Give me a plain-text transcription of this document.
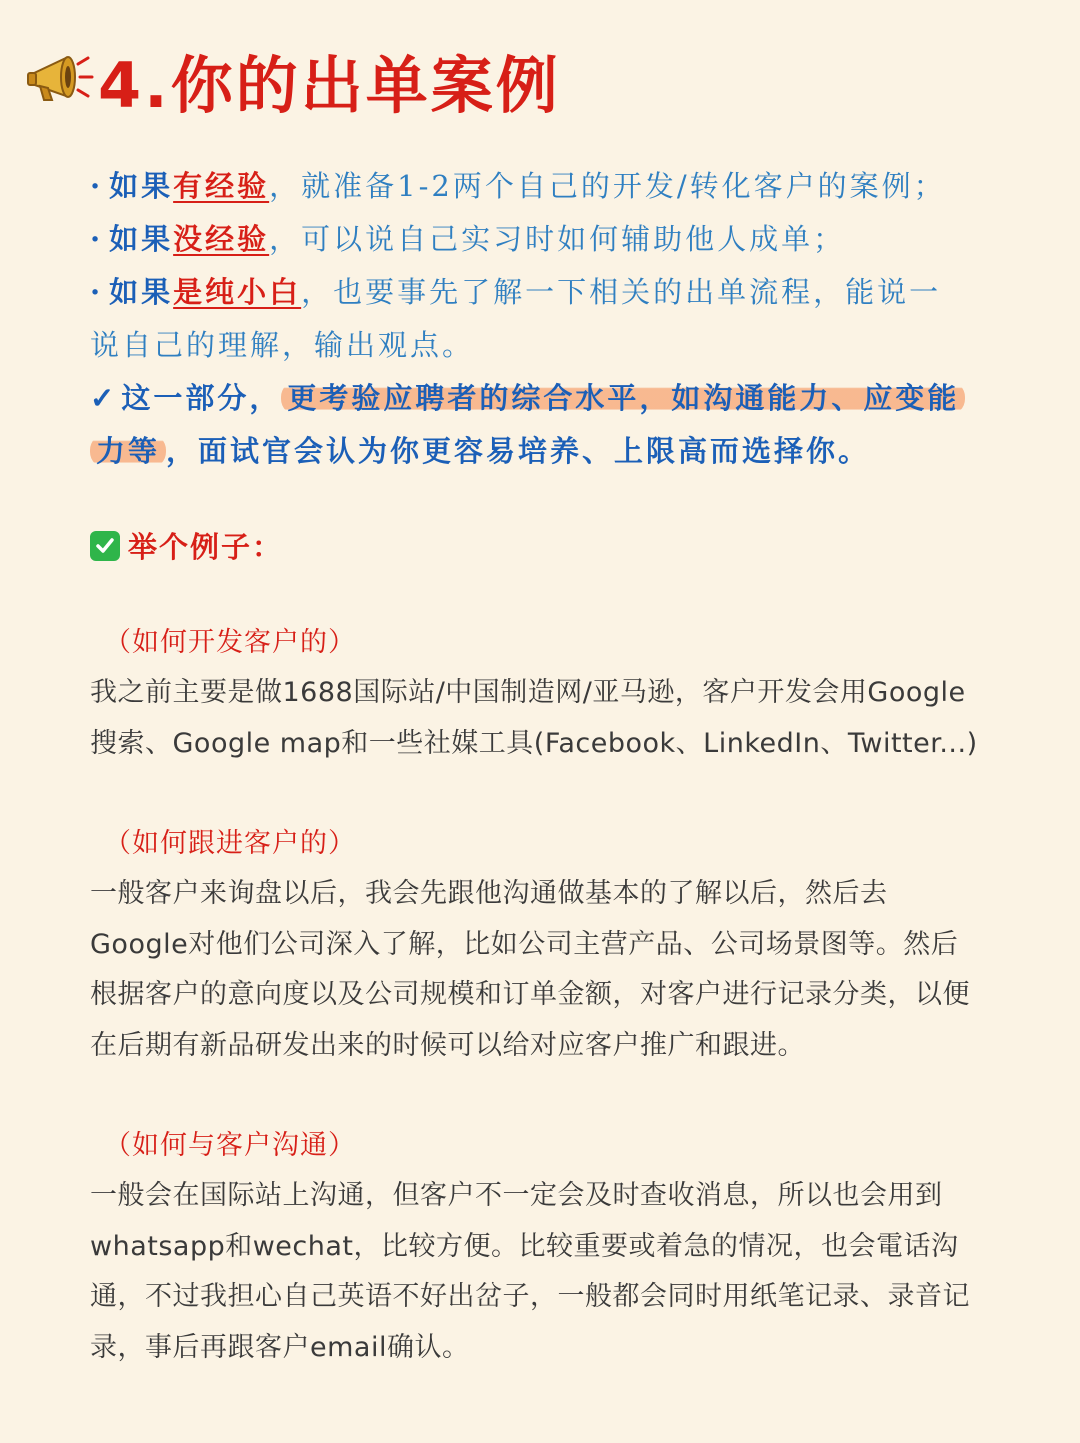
4.你的出单案例

· 如果有经验，就准备1-2两个自己的开发/转化客户的案例；

· 如果没经验，可以说自己实习时如何辅助他人成单；

· 如果是纯小白，也要事先了解一下相关的出单流程，能说一

说自己的理解，输出观点。

✓ 这一部分， 更考验应聘者的综合水平，如沟通能力、应变能

力等 ，面试官会认为你更容易培养、上限高而选择你。

举个例子：
（如何开发客户的）
我之前主要是做1688国际站/中国制造网/亚马逊，客户开发会用Google
搜索、Google map和一些社媒工具(Facebook、LinkedIn、Twitter...)
（如何跟进客户的）
一般客户来询盘以后，我会先跟他沟通做基本的了解以后，然后去
Google对他们公司深入了解，比如公司主营产品、公司场景图等。然后
根据客户的意向度以及公司规模和订单金额，对客户进行记录分类，以便
在后期有新品研发出来的时候可以给对应客户推广和跟进。
（如何与客户沟通）
一般会在国际站上沟通，但客户不一定会及时查收消息，所以也会用到
whatsapp和wechat，比较方便。比较重要或着急的情况，也会電话沟
通，不过我担心自己英语不好出岔子，一般都会同时用纸笔记录、录音记
录，事后再跟客户email确认。
